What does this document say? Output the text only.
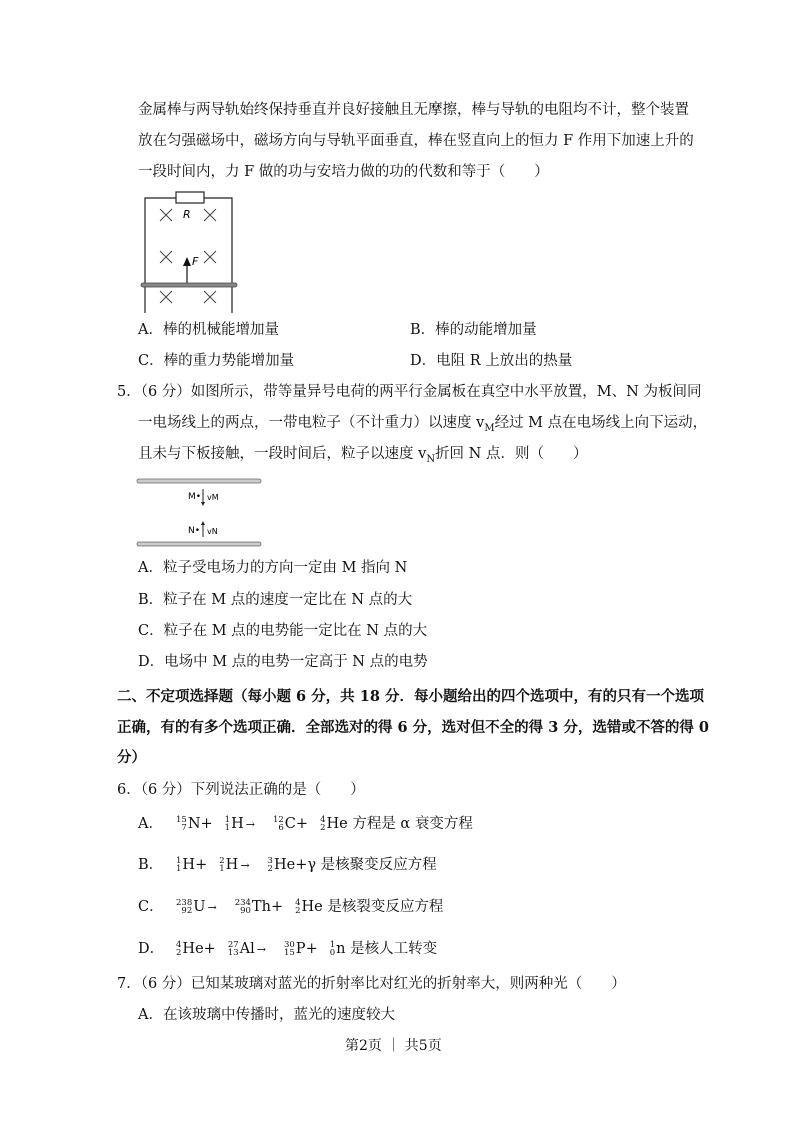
金属棒与两导轨始终保持垂直并良好接触且无摩擦，棒与导轨的电阻均不计，整个装置
放在匀强磁场中，磁场方向与导轨平面垂直，棒在竖直向上的恒力 F 作用下加速上升的
一段时间内，力 F 做的功与安培力做的功的代数和等于（　　）
R
F
A．棒的机械能增加量	B．棒的动能增加量
C．棒的重力势能增加量	D．电阻 R 上放出的热量
5．（6 分）如图所示，带等量异号电荷的两平行金属板在真空中水平放置，M、N 为板间同
一电场线上的两点，一带电粒子（不计重力）以速度 $v_M$经过 M 点在电场线上向下运动，
且未与下板接触，一段时间后，粒子以速度 $v_N$折回 N 点．则（　　）
M• vM
N• vN
A．粒子受电场力的方向一定由 M 指向 N
B．粒子在 M 点的速度一定比在 N 点的大
C．粒子在 M 点的电势能一定比在 N 点的大
D．电场中 M 点的电势一定高于 N 点的电势
二、不定项选择题（每小题 6 分，共 18 分．每小题给出的四个选项中，有的只有一个选项
正确，有的有多个选项正确．全部选对的得 6 分，选对但不全的得 3 分，选错或不答的得 0
分）
6．（6 分）下列说法正确的是（　　）
A． 15
7 N+ 1
1 H → 12
6 C+ 4
2 He 方程是 α 衰变方程
B． 1
1 H+ 2
1 H → 3
2 He+γ 是核聚变反应方程
C． 238
92 U → 234
90 Th+ 4
2 He 是核裂变反应方程
D． 4
2 He+ 27
13 Al → 30
15 P+ 1
0 n 是核人工转变
7．（6 分）已知某玻璃对蓝光的折射率比对红光的折射率大，则两种光（　　）
A．在该玻璃中传播时，蓝光的速度较大
第2页 ｜ 共5页
